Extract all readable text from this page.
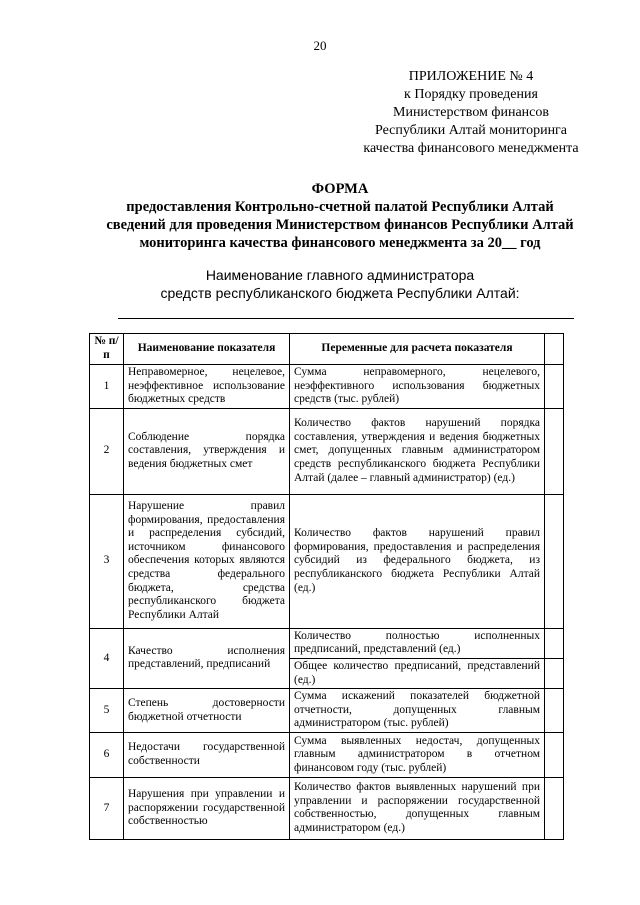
20
ПРИЛОЖЕНИЕ № 4
к Порядку проведения
Министерством финансов
Республики Алтай мониторинга
качества финансового менеджмента
ФОРМА
предоставления Контрольно-счетной палатой Республики Алтай
сведений для проведения Министерством финансов Республики Алтай
мониторинга качества финансового менеджмента за 20__ год
Наименование главного администратора
средств республиканского бюджета Республики Алтай:
№ п/п	Наименование показателя	Переменные для расчета показателя	
1	Неправомерное, нецелевое, неэффективное использование бюджетных средств	Сумма неправомерного, нецелевого, неэффективного использования бюджетных средств (тыс. рублей)	
2	Соблюдение порядка составления, утверждения и ведения бюджетных смет	Количество фактов нарушений порядка составления, утверждения и ведения бюджетных смет, допущенных главным администратором средств республиканского бюджета Республики Алтай (далее – главный администратор) (ед.)	
3	Нарушение правил формирования, предоставления и распределения субсидий, источником финансового обеспечения которых являются средства федерального бюджета, средства республиканского бюджета Республики Алтай	Количество фактов нарушений правил формирования, предоставления и распределения субсидий из федерального бюджета, из республиканского бюджета Республики Алтай (ед.)	
4	Качество исполнения представлений, предписаний	Количество полностью исполненных предписаний, представлений (ед.)	
		Общее количество предписаний, представлений (ед.)	
5	Степень достоверности бюджетной отчетности	Сумма искажений показателей бюджетной отчетности, допущенных главным администратором (тыс. рублей)	
6	Недостачи государственной собственности	Сумма выявленных недостач, допущенных главным администратором в отчетном финансовом году (тыс. рублей)	
7	Нарушения при управлении и распоряжении государственной собственностью	Количество фактов выявленных нарушений при управлении и распоряжении государственной собственностью, допущенных главным администратором (ед.)	
